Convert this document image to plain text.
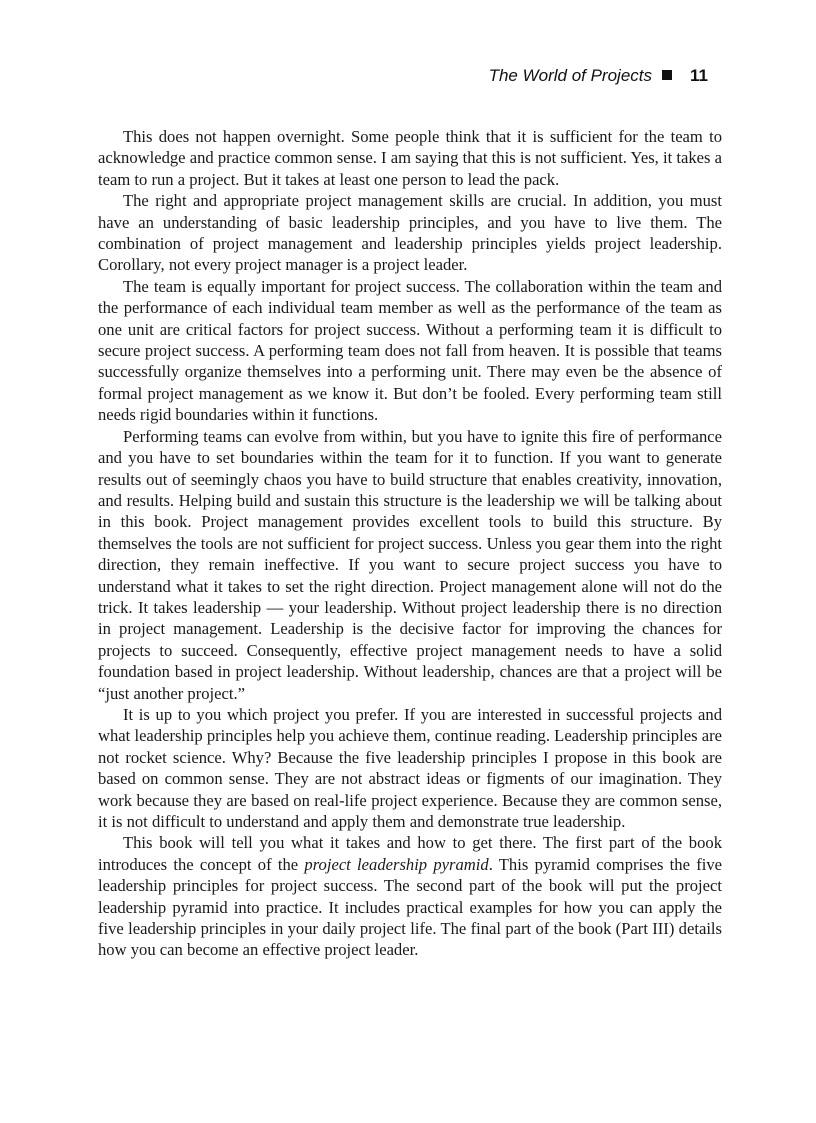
The World of Projects 11

This does not happen overnight. Some people think that it is sufficient for the team to acknowledge and practice common sense. I am saying that this is not sufficient. Yes, it takes a team to run a project. But it takes at least one person to lead the pack.

The right and appropriate project management skills are crucial. In addition, you must have an understanding of basic leadership principles, and you have to live them. The combination of project management and leadership principles yields project leadership. Corollary, not every project manager is a project leader.

The team is equally important for project success. The collaboration within the team and the performance of each individual team member as well as the performance of the team as one unit are critical factors for project success. Without a performing team it is difficult to secure project success. A performing team does not fall from heaven. It is possible that teams successfully organize themselves into a performing unit. There may even be the absence of formal project management as we know it. But don’t be fooled. Every performing team still needs rigid boundaries within it functions.

Performing teams can evolve from within, but you have to ignite this fire of performance and you have to set boundaries within the team for it to function. If you want to generate results out of seemingly chaos you have to build structure that enables creativity, innovation, and results. Helping build and sustain this structure is the leadership we will be talking about in this book. Project management provides excellent tools to build this structure. By themselves the tools are not sufficient for project success. Unless you gear them into the right direction, they remain ineffective. If you want to secure project success you have to understand what it takes to set the right direction. Project management alone will not do the trick. It takes leadership — your leadership. Without project leadership there is no direction in project management. Leadership is the decisive factor for improving the chances for projects to succeed. Consequently, effective project management needs to have a solid foundation based in project leadership. Without leadership, chances are that a project will be “just another project.”

It is up to you which project you prefer. If you are interested in successful projects and what leadership principles help you achieve them, continue reading. Leadership principles are not rocket science. Why? Because the five leadership principles I propose in this book are based on common sense. They are not abstract ideas or figments of our imagination. They work because they are based on real-life project experience. Because they are common sense, it is not difficult to understand and apply them and demonstrate true leadership.

This book will tell you what it takes and how to get there. The first part of the book introduces the concept of the project leadership pyramid. This pyramid comprises the five leadership principles for project success. The second part of the book will put the project leadership pyramid into practice. It includes practical examples for how you can apply the five leadership principles in your daily project life. The final part of the book (Part III) details how you can become an effective project leader.
